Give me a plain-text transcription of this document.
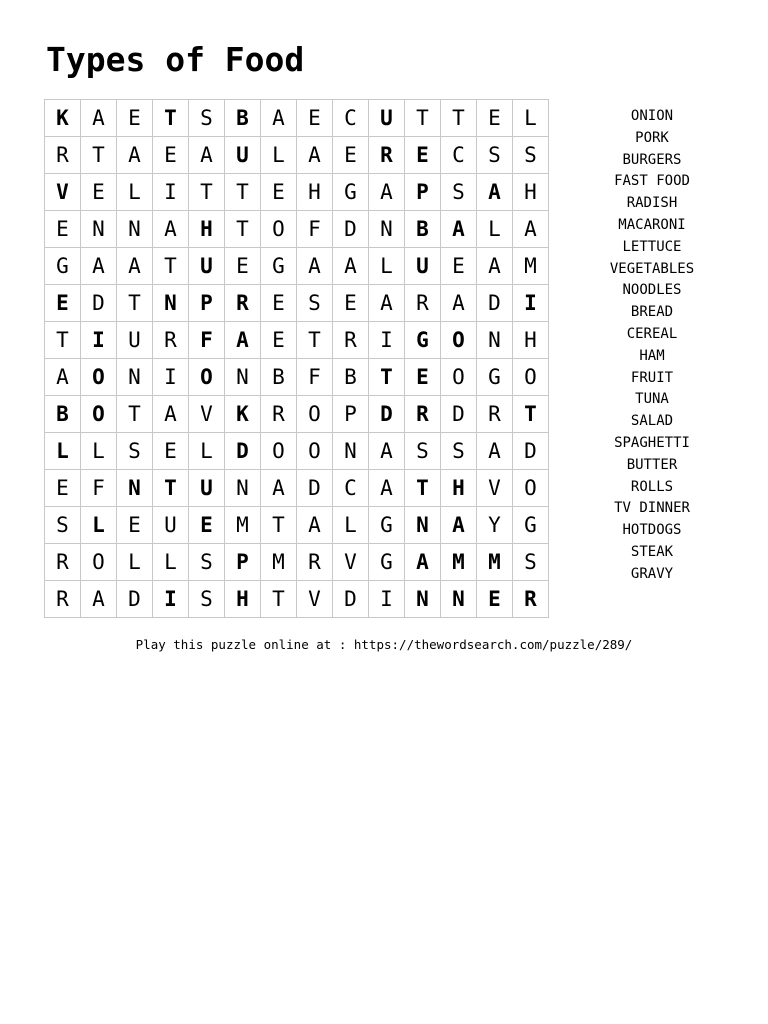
Types of Food
K	A	E	T	S	B	A	E	C	U	T	T	E	L
R	T	A	E	A	U	L	A	E	R	E	C	S	S
V	E	L	I	T	T	E	H	G	A	P	S	A	H
E	N	N	A	H	T	O	F	D	N	B	A	L	A
G	A	A	T	U	E	G	A	A	L	U	E	A	M
E	D	T	N	P	R	E	S	E	A	R	A	D	I
T	I	U	R	F	A	E	T	R	I	G	O	N	H
A	O	N	I	O	N	B	F	B	T	E	O	G	O
B	O	T	A	V	K	R	O	P	D	R	D	R	T
L	L	S	E	L	D	O	O	N	A	S	S	A	D
E	F	N	T	U	N	A	D	C	A	T	H	V	O
S	L	E	U	E	M	T	A	L	G	N	A	Y	G
R	O	L	L	S	P	M	R	V	G	A	M	M	S
R	A	D	I	S	H	T	V	D	I	N	N	E	R
ONION
PORK
BURGERS
FAST FOOD
RADISH
MACARONI
LETTUCE
VEGETABLES
NOODLES
BREAD
CEREAL
HAM
FRUIT
TUNA
SALAD
SPAGHETTI
BUTTER
ROLLS
TV DINNER
HOTDOGS
STEAK
GRAVY
Play this puzzle online at : https://thewordsearch.com/puzzle/289/
